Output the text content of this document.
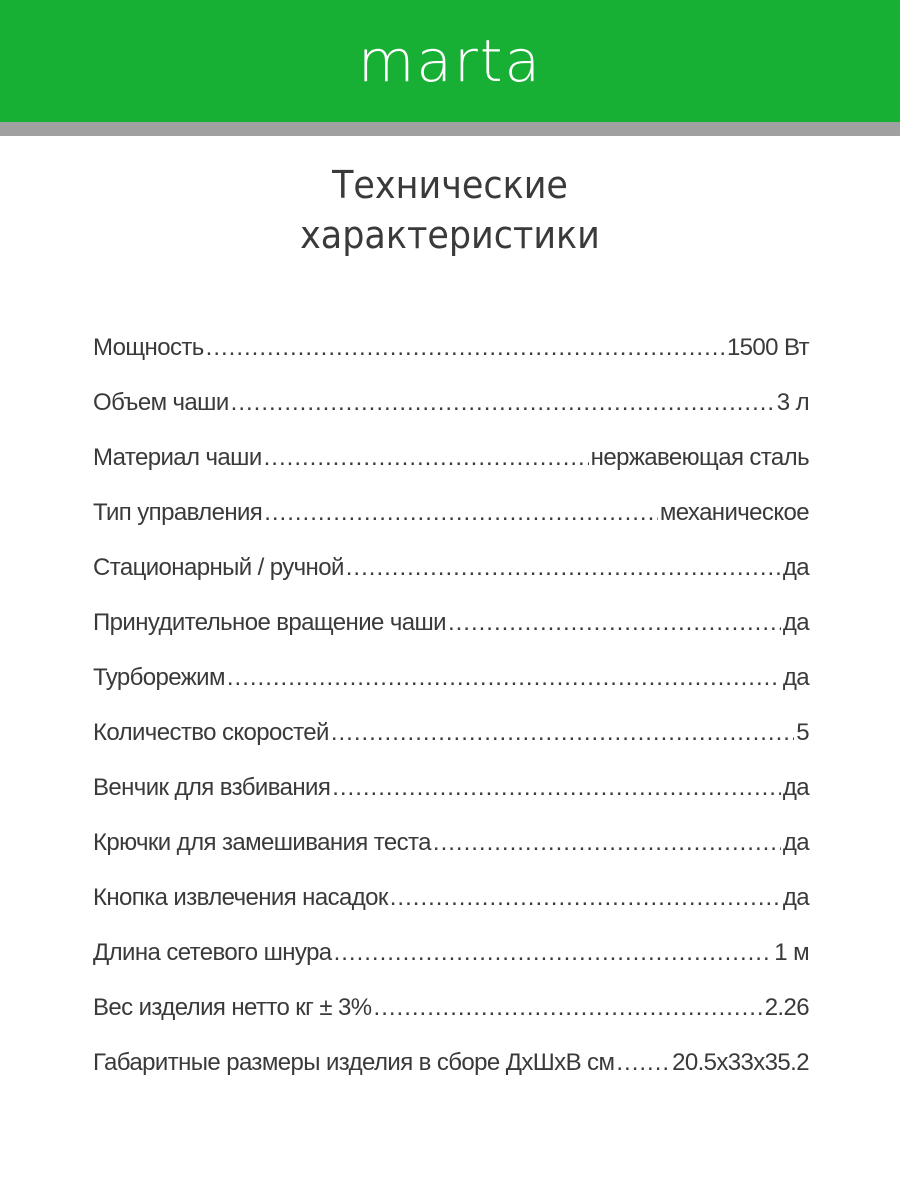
marta
Технические
характеристики
Мощность .....	1500 Вт
Объем чаши .....	3 л
Материал чаши .....	нержавеющая сталь
Тип управления .....	механическое
Стационарный / ручной .....	да
Принудительное вращение чаши .....	да
Турборежим .....	да
Количество скоростей .....	5
Венчик для взбивания .....	да
Крючки для замешивания теста .....	да
Кнопка извлечения насадок .....	да
Длина сетевого шнура .....	1 м
Вес изделия нетто кг ± 3% .....	2.26
Габаритные размеры изделия в сборе ДхШхВ см ..... 20.5х33х35.2
